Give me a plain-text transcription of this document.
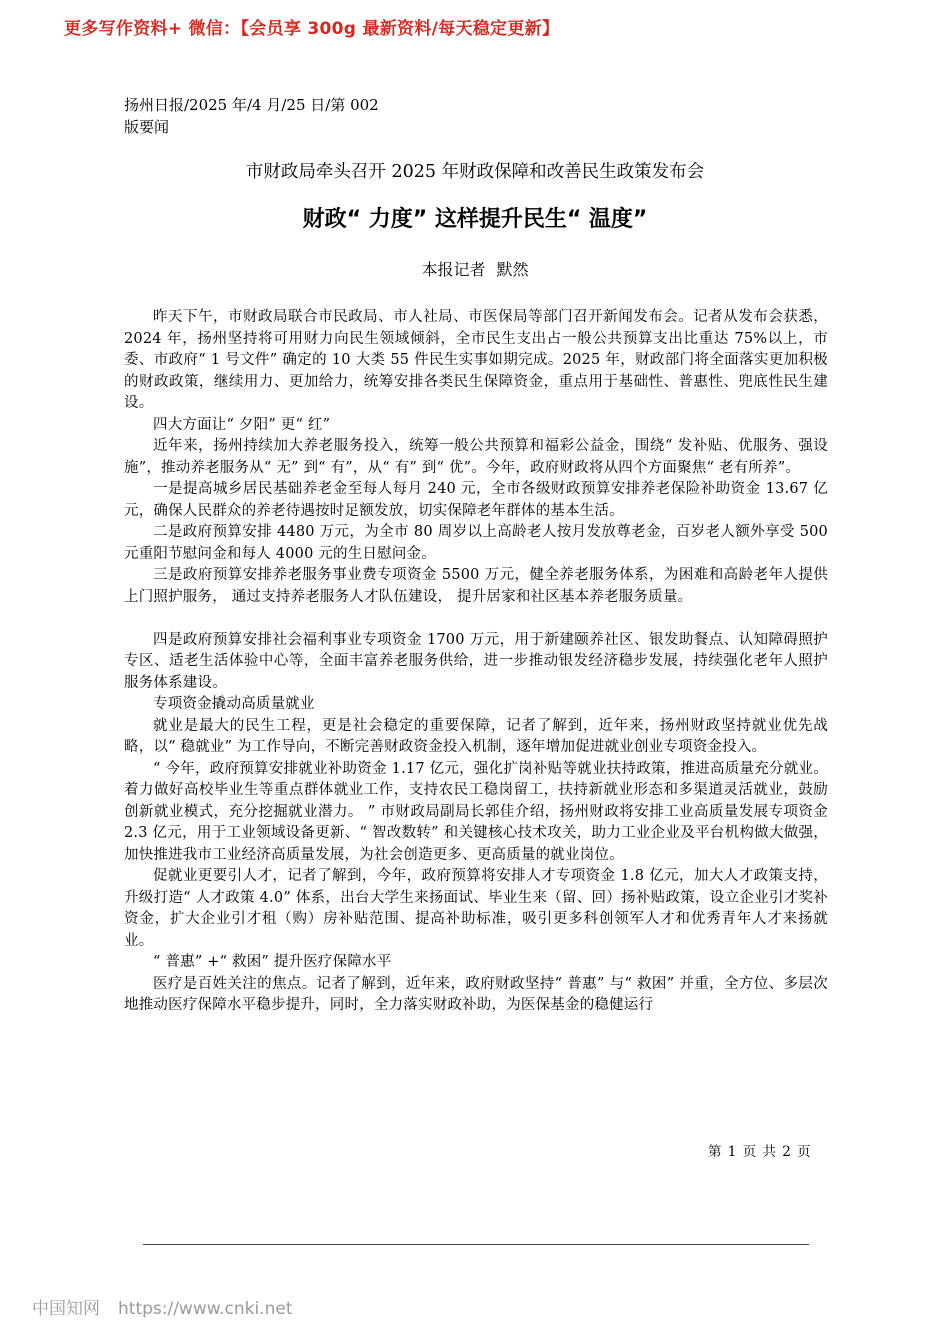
更多写作资料+ 微信：【会员享 300g 最新资料/每天稳定更新】
扬州日报/2025 年/4 月/25 日/第 002
版要闻
市财政局牵头召开 2025 年财政保障和改善民生政策发布会
财政“ 力度” 这样提升民生“ 温度”
本报记者 默然

昨天下午，市财政局联合市民政局、市人社局、市医保局等部门召开新闻发布会。记者从发布会获悉，2024 年，扬州坚持将可用财力向民生领域倾斜，全市民生支出占一般公共预算支出比重达 75%以上，市委、市政府“ 1 号文件” 确定的 10 大类 55 件民生实事如期完成。2025 年，财政部门将全面落实更加积极的财政政策，继续用力、更加给力，统筹安排各类民生保障资金，重点用于基础性、普惠性、兜底性民生建设。

四大方面让“ 夕阳” 更“ 红”

近年来，扬州持续加大养老服务投入，统筹一般公共预算和福彩公益金，围绕“ 发补贴、优服务、强设施”，推动养老服务从“ 无” 到“ 有”，从“ 有” 到“ 优”。今年，政府财政将从四个方面聚焦“ 老有所养”。

一是提高城乡居民基础养老金至每人每月 240 元，全市各级财政预算安排养老保险补助资金 13.67 亿元，确保人民群众的养老待遇按时足额发放，切实保障老年群体的基本生活。

二是政府预算安排 4480 万元，为全市 80 周岁以上高龄老人按月发放尊老金，百岁老人额外享受 500 元重阳节慰问金和每人 4000 元的生日慰问金。

三是政府预算安排养老服务事业费专项资金 5500 万元，健全养老服务体系，为困难和高龄老年人提供上门照护服务， 通过支持养老服务人才队伍建设， 提升居家和社区基本养老服务质量。

四是政府预算安排社会福利事业专项资金 1700 万元，用于新建颐养社区、银发助餐点、认知障碍照护专区、适老生活体验中心等，全面丰富养老服务供给，进一步推动银发经济稳步发展，持续强化老年人照护服务体系建设。

专项资金撬动高质量就业

就业是最大的民生工程，更是社会稳定的重要保障，记者了解到，近年来，扬州财政坚持就业优先战略，以“ 稳就业” 为工作导向，不断完善财政资金投入机制，逐年增加促进就业创业专项资金投入。

“ 今年，政府预算安排就业补助资金 1.17 亿元，强化扩岗补贴等就业扶持政策，推进高质量充分就业。着力做好高校毕业生等重点群体就业工作，支持农民工稳岗留工，扶持新就业形态和多渠道灵活就业，鼓励创新就业模式，充分挖掘就业潜力。 ” 市财政局副局长郭佳介绍，扬州财政将安排工业高质量发展专项资金 2.3 亿元，用于工业领域设备更新、“ 智改数转” 和关键核心技术攻关，助力工业企业及平台机构做大做强，加快推进我市工业经济高质量发展，为社会创造更多、更高质量的就业岗位。

促就业更要引人才，记者了解到，今年，政府预算将安排人才专项资金 1.8 亿元，加大人才政策支持，升级打造“ 人才政策 4.0” 体系，出台大学生来扬面试、毕业生来（留、回）扬补贴政策，设立企业引才奖补资金，扩大企业引才租（购）房补贴范围、提高补助标准，吸引更多科创领军人才和优秀青年人才来扬就业。

“ 普惠” +“ 救困” 提升医疗保障水平

医疗是百姓关注的焦点。记者了解到，近年来，政府财政坚持“ 普惠” 与“ 救困” 并重，全方位、多层次地推动医疗保障水平稳步提升，同时，全力落实财政补助，为医保基金的稳健运行

第 1 页 共 2 页
中国知网 https://www.cnki.net
